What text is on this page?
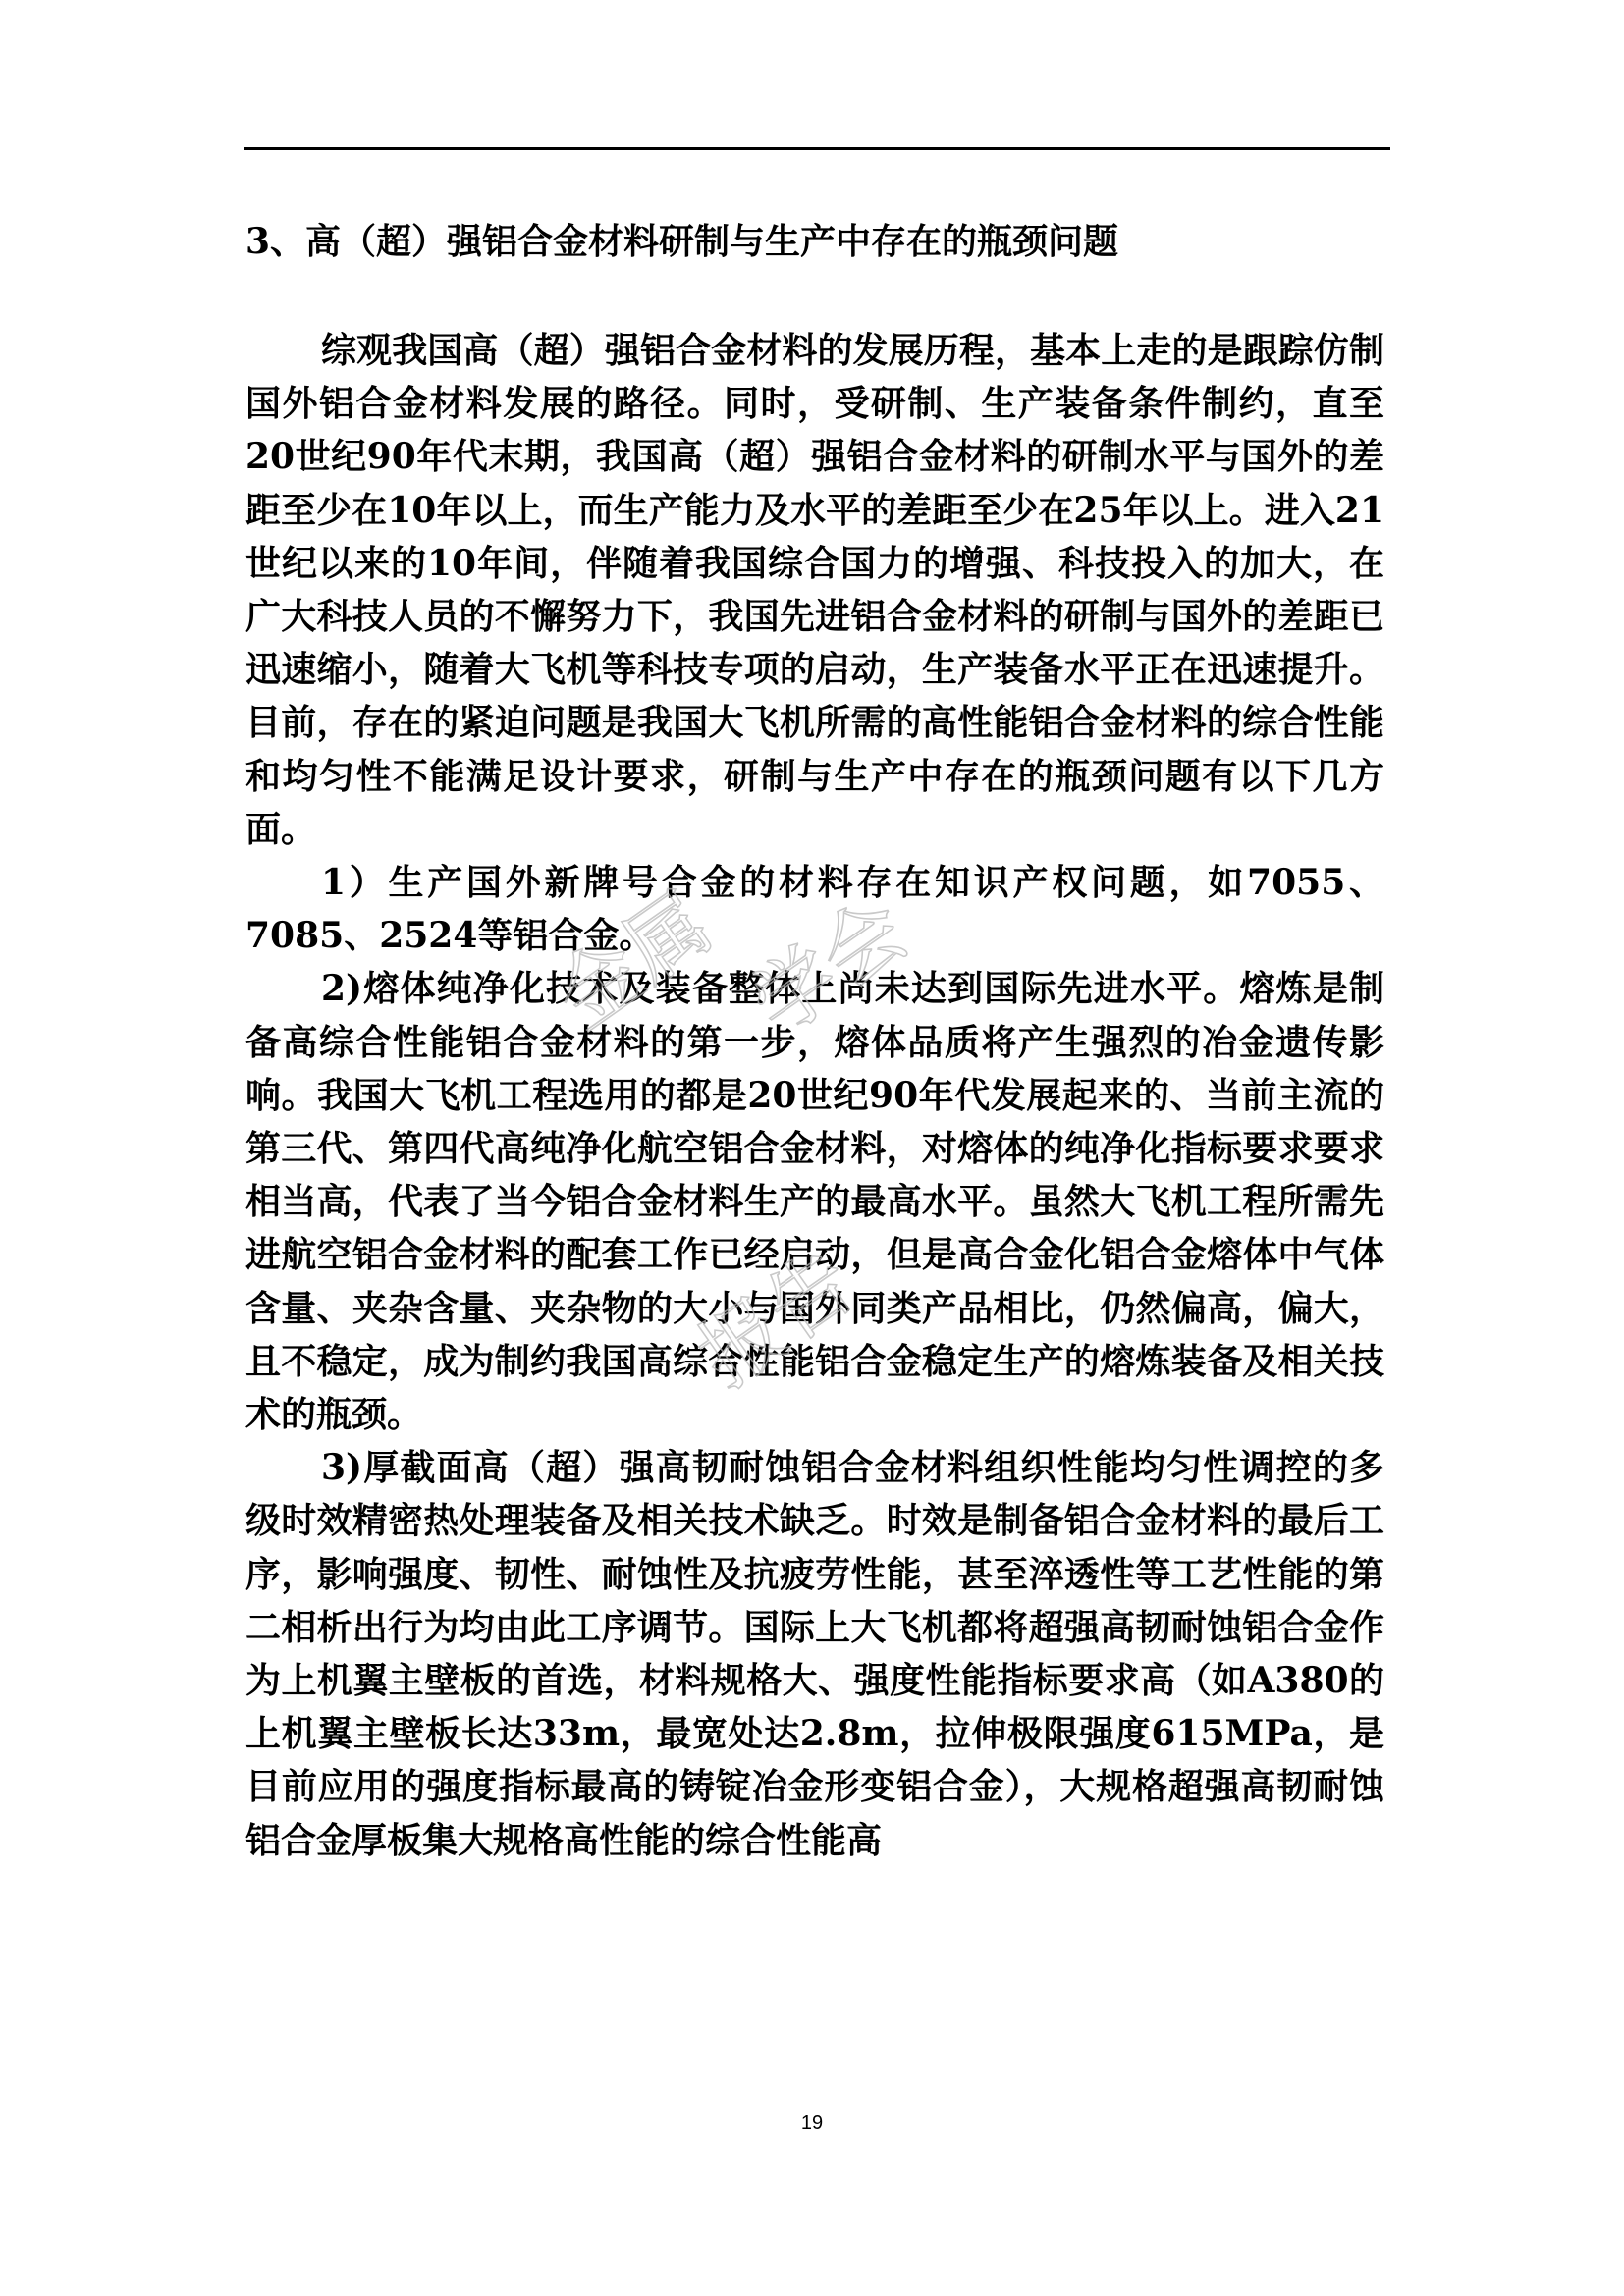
3、高（超）强铝合金材料研制与生产中存在的瓶颈问题

综观我国高（超）强铝合金材料的发展历程，基本上走的是跟踪仿制国外铝合金材料发展的路径。同时，受研制、生产装备条件制约，直至20世纪90年代末期，我国高（超）强铝合金材料的研制水平与国外的差距至少在10年以上，而生产能力及水平的差距至少在25年以上。进入21世纪以来的10年间，伴随着我国综合国力的增强、科技投入的加大，在广大科技人员的不懈努力下，我国先进铝合金材料的研制与国外的差距已迅速缩小，随着大飞机等科技专项的启动，生产装备水平正在迅速提升。目前，存在的紧迫问题是我国大飞机所需的高性能铝合金材料的综合性能和均匀性不能满足设计要求，研制与生产中存在的瓶颈问题有以下几方面。

1）生产国外新牌号合金的材料存在知识产权问题，如7055、7085、2524等铝合金。

2)熔体纯净化技术及装备整体上尚未达到国际先进水平。熔炼是制备高综合性能铝合金材料的第一步，熔体品质将产生强烈的冶金遗传影响。我国大飞机工程选用的都是20世纪90年代发展起来的、当前主流的第三代、第四代高纯净化航空铝合金材料，对熔体的纯净化指标要求要求相当高，代表了当今铝合金材料生产的最高水平。虽然大飞机工程所需先进航空铝合金材料的配套工作已经启动，但是高合金化铝合金熔体中气体含量、夹杂含量、夹杂物的大小与国外同类产品相比，仍然偏高，偏大，且不稳定，成为制约我国高综合性能铝合金稳定生产的熔炼装备及相关技术的瓶颈。

3)厚截面高（超）强高韧耐蚀铝合金材料组织性能均匀性调控的多级时效精密热处理装备及相关技术缺乏。时效是制备铝合金材料的最后工序，影响强度、韧性、耐蚀性及抗疲劳性能，甚至淬透性等工艺性能的第二相析出行为均由此工序调节。国际上大飞机都将超强高韧耐蚀铝合金作为上机翼主壁板的首选，材料规格大、强度性能指标要求高（如A380的上机翼主壁板长达33m，最宽处达2.8m，拉伸极限强度615MPa，是目前应用的强度指标最高的铸锭冶金形变铝合金），大规格超强高韧耐蚀铝合金厚板集大规格高性能的综合性能高

金属 学会
报告
19
